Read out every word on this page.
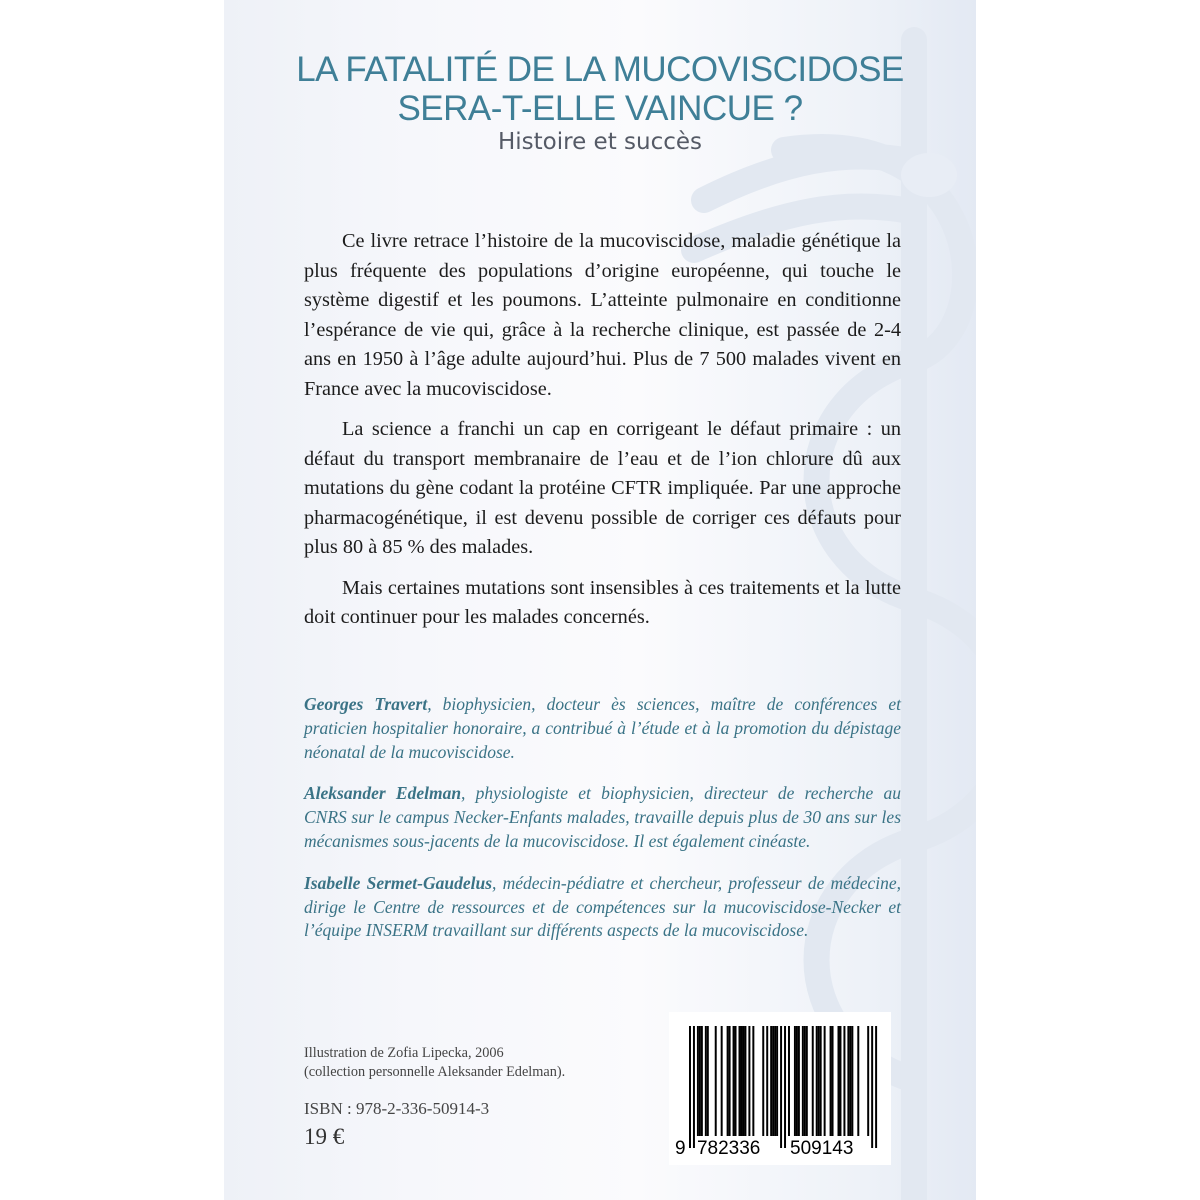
LA FATALITÉ DE LA MUCOVISCIDOSE
SERA-T-ELLE VAINCUE ?

Histoire et succès

Ce livre retrace l’histoire de la mucoviscidose, maladie génétique la plus fréquente des populations d’origine européenne, qui touche le système digestif et les poumons. L’atteinte pulmonaire en conditionne l’espérance de vie qui, grâce à la recherche clinique, est passée de 2-4 ans en 1950 à l’âge adulte aujourd’hui. Plus de 7 500 malades vivent en France avec la mucoviscidose.

La science a franchi un cap en corrigeant le défaut primaire : un défaut du transport membranaire de l’eau et de l’ion chlorure dû aux mutations du gène codant la protéine CFTR impliquée. Par une approche pharmacogénétique, il est devenu possible de corriger ces défauts pour plus 80 à 85 % des malades.

Mais certaines mutations sont insensibles à ces traitements et la lutte doit continuer pour les malades concernés.

Georges Travert, biophysicien, docteur ès sciences, maître de conférences et praticien hospitalier honoraire, a contribué à l’étude et à la promotion du dépistage néonatal de la mucoviscidose.

Aleksander Edelman, physiologiste et biophysicien, directeur de recherche au CNRS sur le campus Necker-Enfants malades, travaille depuis plus de 30 ans sur les mécanismes sous-jacents de la mucoviscidose. Il est également cinéaste.

Isabelle Sermet-Gaudelus, médecin-pédiatre et chercheur, professeur de médecine, dirige le Centre de ressources et de compétences sur la mucoviscidose-Necker et l’équipe INSERM travaillant sur différents aspects de la mucoviscidose.

Illustration de Zofia Lipecka, 2006
(collection personnelle Aleksander Edelman).
ISBN : 978-2-336-50914-3
19 €	9 782336 509143
